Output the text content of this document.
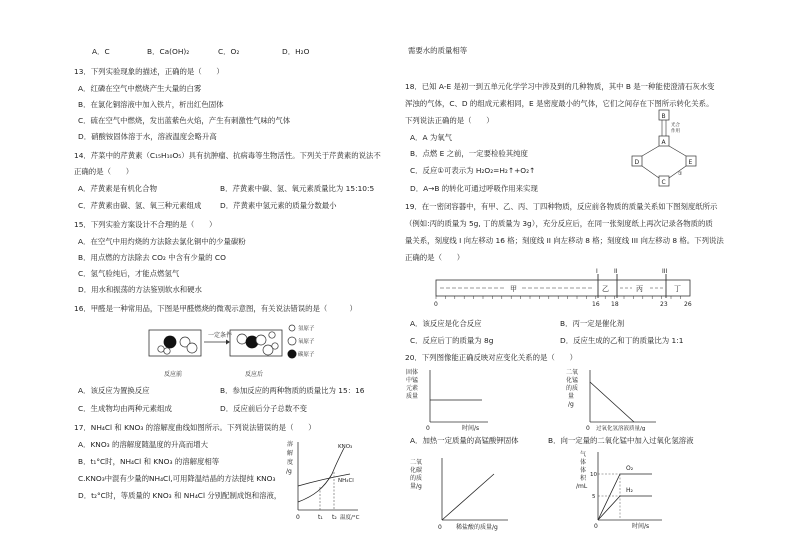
A．C	B．Ca(OH)₂	C．O₂	D．H₂O
13．下列实验现象的描述，正确的是（　　）
A．红磷在空气中燃烧产生大量的白雾
B．在氯化铜溶液中加入铁片，析出红色固体
C．硫在空气中燃烧，发出蓝紫色火焰，产生有刺激性气味的气体
D．硝酸铵固体溶于水，溶液温度会略升高
14．芹菜中的芹黄素（C₁₅H₁₀O₅）具有抗肿瘤、抗病毒等生物活性。下列关于芹黄素的说法不
正确的是（　　）
A．芹黄素是有机化合物	B．芹黄素中碳、氢、氧元素质量比为 15:10:5
C．芹黄素由碳、氢、氧三种元素组成	D．芹黄素中氢元素的质量分数最小
15．下列实验方案设计不合理的是（　　）
A．在空气中用灼烧的方法除去氯化铜中的少量碳粉
B．用点燃的方法除去 CO₂ 中含有少量的 CO
C．氢气验纯后，才能点燃氢气
D．用水和振荡的方法鉴别软水和硬水
16．甲醛是一种常用品，下图是甲醛燃烧的微观示意图，有关说法错误的是（　　　）
一定条件
氢原子
氧原子
碳原子
反应前	反应后
A．该反应为置换反应	B．参加反应的两种物质的质量比为 15：16
C．生成物均由两种元素组成	D．反应前后分子总数不变
17．NH₄Cl 和 KNO₃ 的溶解度曲线如图所示。下列说法错误的是（　　）
A．KNO₃ 的溶解度随温度的升高而增大
B．t₁°C时，NH₄Cl 和 KNO₃ 的溶解度相等
C.KNO₃中混有少量的NH₄Cl,可用降温结晶的方法提纯 KNO₃
D．t₂°C时，等质量的 KNO₃ 和 NH₄Cl 分别配制成饱和溶液，
溶
解
度
/g
KNO₃
NH₄Cl
0	t₁ t₂ 温度/°C
需要水的质量相等
18．已知 A-E 是初一到五单元化学学习中涉及到的几种物质，其中 B 是一种能使澄清石灰水变
浑浊的气体，C、D 的组成元素相同，E 是密度最小的气体，它们之间存在下图所示转化关系。
下列说法正确的是（　　）
A．A 为氧气
B．点燃 E 之前，一定要检验其纯度
C．反应①可表示为 H₂O₂=H₂↑+O₂↑
D．A→B 的转化可通过呼吸作用来实现
B
A
C
D	E
光合
作用
①
19．在一密闭容器中，有甲、乙、丙、丁四种物质，反应前各物质的质量关系如下图刻度纸所示
（例如:丙的质量为 5g, 丁的质量为 3g），充分反应后，在同一张刻度纸上再次记录各物质的质
量关系，刻度线 I 向左移动 16 格；刻度线 II 向左移动 8 格；刻度线 III 向左移动 8 格。下列说法
正确的是（　　）
I	II	III
甲	乙	丙	丁
0	16 18	23	26
A．该反应是化合反应	B．丙一定是催化剂
C．反应后丁的质量为 8g	D．反应生成的乙和丁的质量比为 1:1
20．下列图像能正确反映对应变化关系的是（　　）
固体
中锰
元素
质量
0	时间/s
A．加热一定质量的高锰酸钾固体
二氧
化锰
的质
量
/g
0 过氧化氢溶液质量/g
B．向一定量的二氧化锰中加入过氧化氢溶液
二氧
化碳
的质
量/g
0 稀盐酸的质量/g
气
体
体
积
/mL
10
5
O₂
H₂
0	时间/s
